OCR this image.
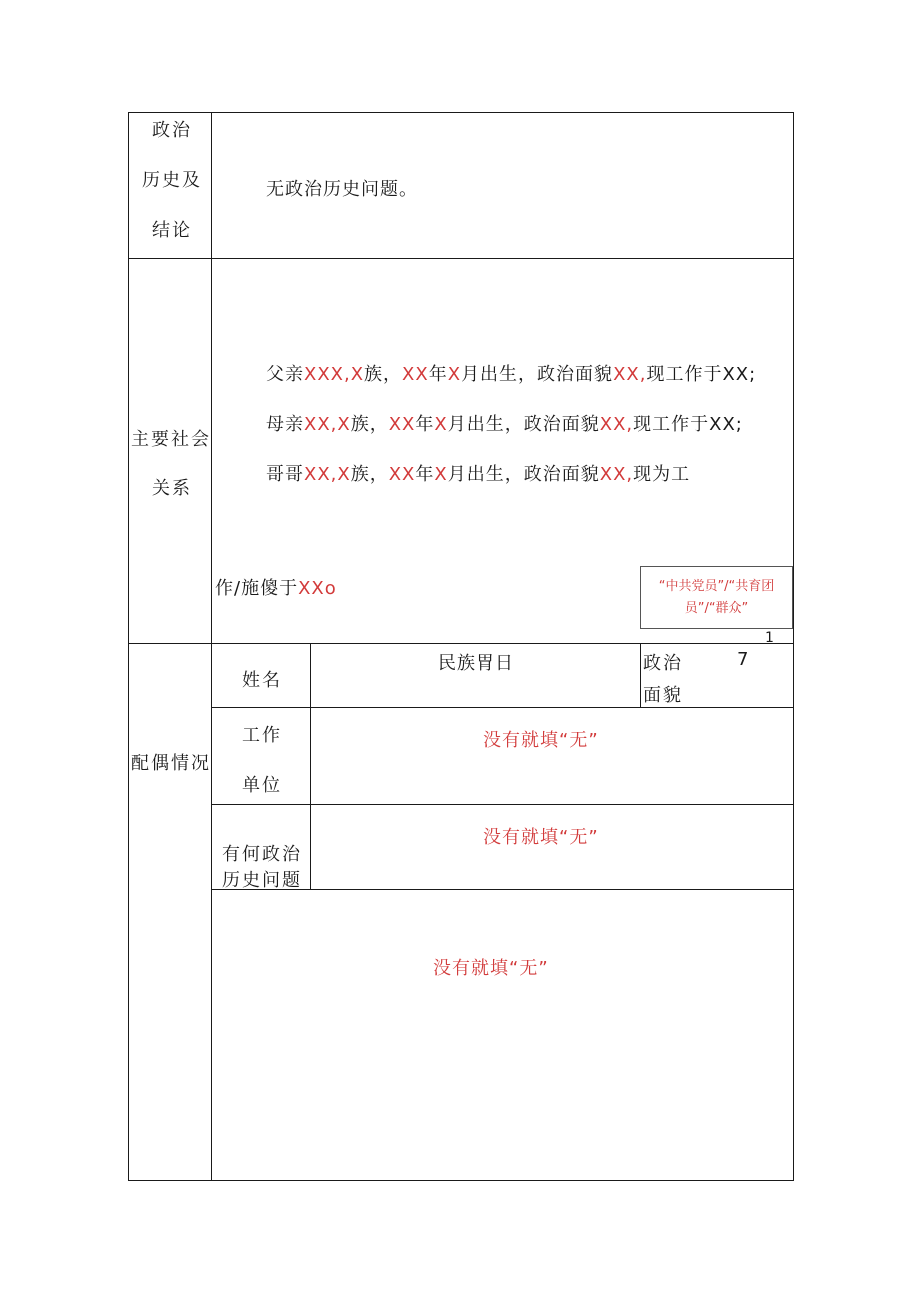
政治
历史及
结论
无政治历史问题。
主要社会
关系
父亲XXX,X族，XX年X月出生，政治面貌XX,现工作于XX;
母亲XX,X族，XX年X月出生，政治面貌XX,现工作于XX;
哥哥XX,X族，XX年X月出生，政治面貌XX,现为工
作/施傻于XXo	“中共党员”/“共育团
员”/“群众”
1
配偶情况
姓名
民族胃日	政治
面貌
7
工作
单位
没有就填“无”
有何政治
历史问题
没有就填“无”
没有就填“无”
